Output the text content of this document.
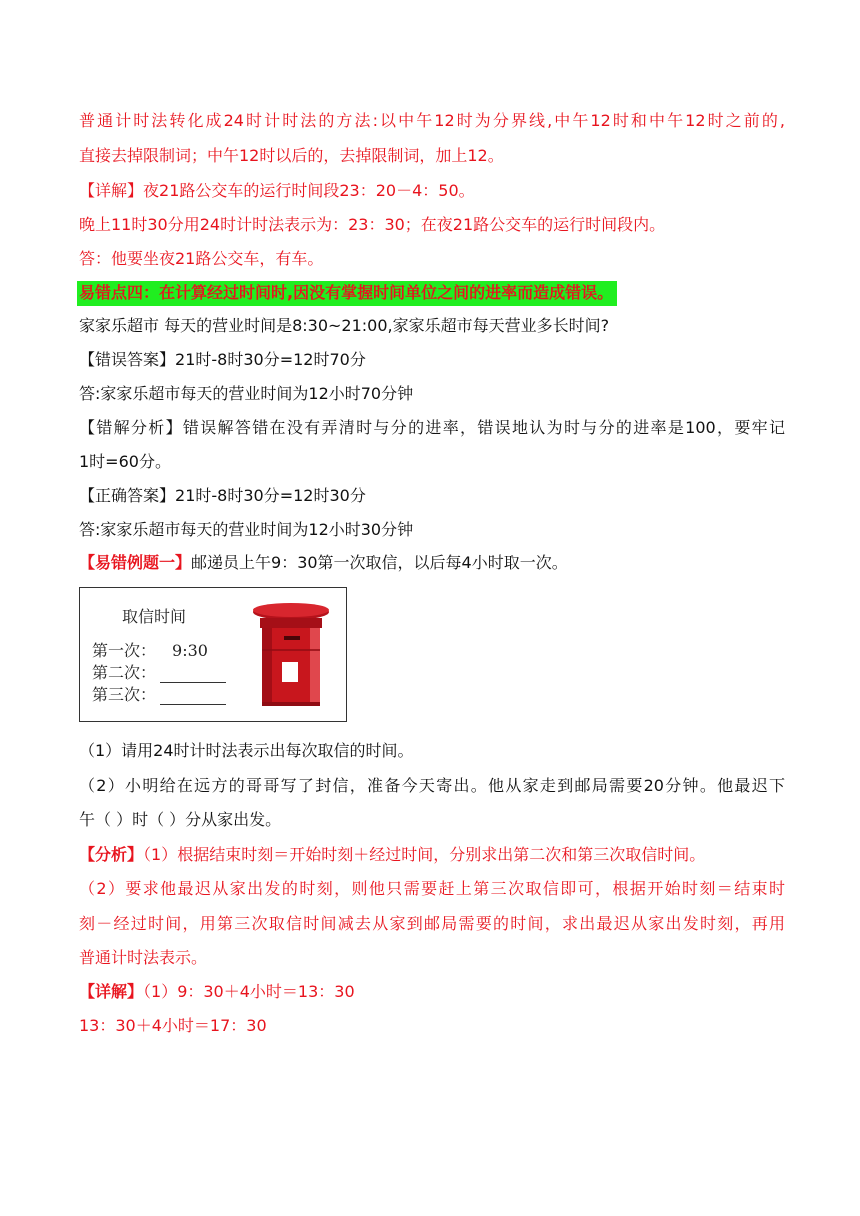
普通计时法转化成24时计时法的方法:以中午12时为分界线,中午12时和中午12时之前的,
直接去掉限制词；中午12时以后的，去掉限制词，加上12。
【详解】夜21路公交车的运行时间段23：20－4：50。
晚上11时30分用24时计时法表示为：23：30；在夜21路公交车的运行时间段内。
答：他要坐夜21路公交车，有车。
易错点四：在计算经过时间时,因没有掌握时间单位之间的进率而造成错误。
家家乐超市 每天的营业时间是8:30~21:00,家家乐超市每天营业多长时间?
【错误答案】21时-8时30分=12时70分
答:家家乐超市每天的营业时间为12小时70分钟
【错解分析】错误解答错在没有弄清时与分的进率，错误地认为时与分的进率是100，要牢记
1时=60分。
【正确答案】21时-8时30分=12时30分
答:家家乐超市每天的营业时间为12小时30分钟
【易错例题一】邮递员上午9：30第一次取信，以后每4小时取一次。
取信时间
第一次： 9:30
第二次：
第三次：
（1）请用24时计时法表示出每次取信的时间。
（2）小明给在远方的哥哥写了封信，准备今天寄出。他从家走到邮局需要20分钟。他最迟下
午（ ）时（ ）分从家出发。
【分析】（1）根据结束时刻＝开始时刻＋经过时间，分别求出第二次和第三次取信时间。
（2）要求他最迟从家出发的时刻，则他只需要赶上第三次取信即可，根据开始时刻＝结束时
刻－经过时间，用第三次取信时间减去从家到邮局需要的时间，求出最迟从家出发时刻，再用
普通计时法表示。
【详解】（1）9：30＋4小时＝13：30
13：30＋4小时＝17：30
